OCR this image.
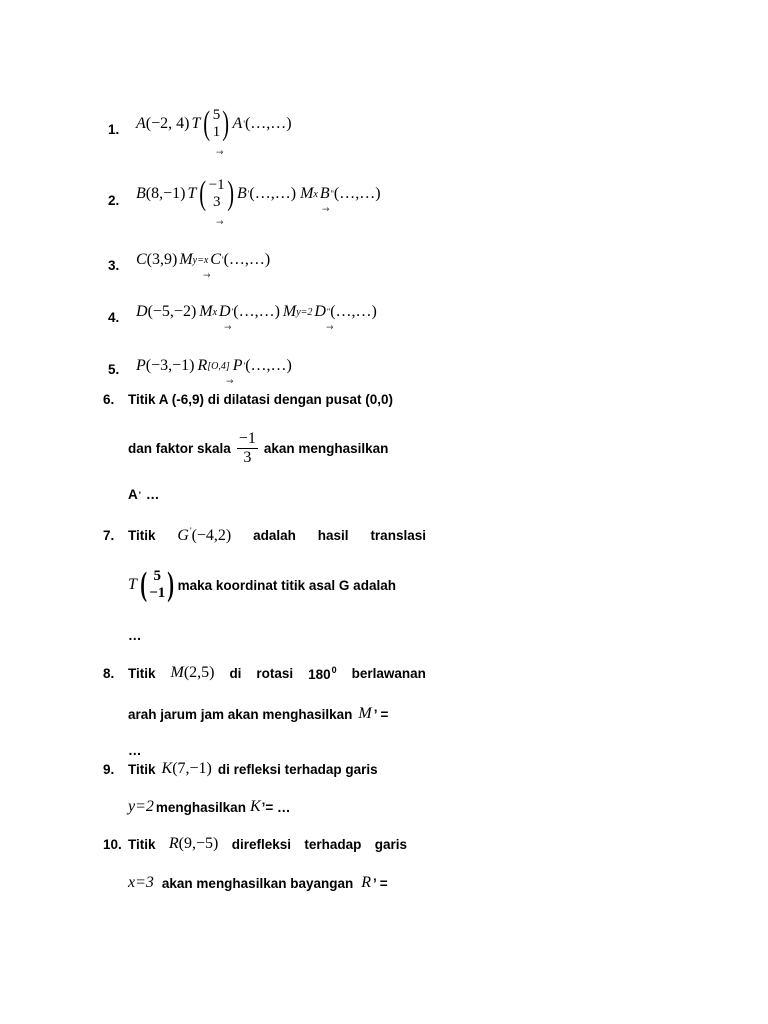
1. A (−2, 4) T ( 5
1 ) A ' (…,…)
→
2. B (8,−1) T ( −1
3 ) B ' (…,…) M x B '' (…,…)
→
→
3. C (3,9) M y=x C ' (…,…)
→
4. D (−5,−2) M x D ' (…,…) M y=2 D '' (…,…)
→	→
5. P (−3,−1) R [O,4] P ' (…,…)
→
6. Titik A (-6,9) di dilatasi dengan pusat (0,0)
dan faktor skala $\frac{-1}{3}$ akan menghasilkan
A ' …
7. Titik G'(−4,2) adalah hasil translasi
T ( 5
−1 ) maka koordinat titik asal G adalah
…
8. Titik M(2,5) di rotasi $180^0$ berlawanan
arah jarum jam akan menghasilkan M ’ =
…
9. Titik K (7,−1) di refleksi terhadap garis
y=2 menghasilkan K ’= …
10. Titik R(9,−5) direfleksi terhadap garis
x=3 akan menghasilkan bayangan R ’ =
